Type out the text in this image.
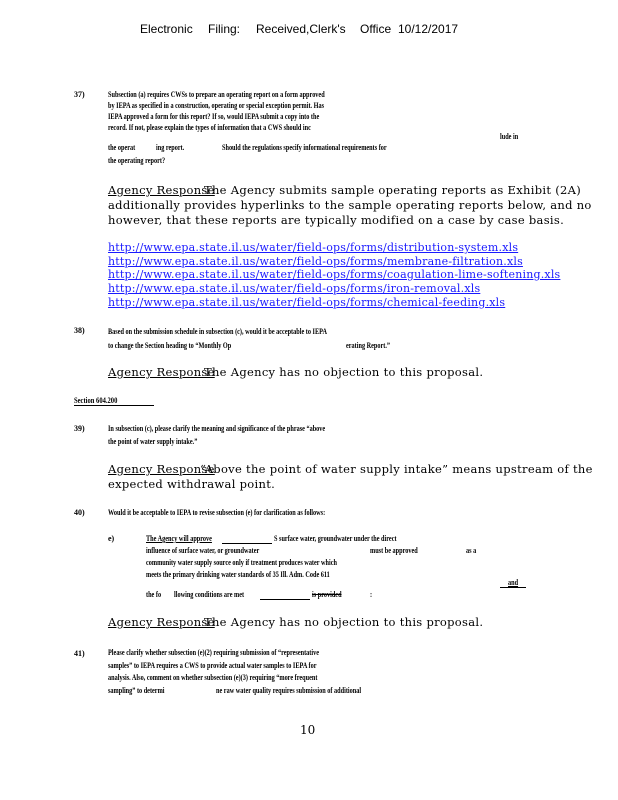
Electronic Filing: Received,Clerk's Office 10/12/2017
37)	Subsection (a) requires CWSs to prepare an operating report on a form approved
by IEPA as specified in a construction, operating or special exception permit. Has
IEPA approved a form for this report? If so, would IEPA submit a copy into the
record. If not, please explain the types of information that a CWS should inc
lude in
the operat	ing report.	Should the regulations specify informational requirements for
the operating report?
Agency Response
The Agency submits sample operating reports as Exhibit (2A)
additionally provides hyperlinks to the sample operating reports below, and no
however, that these reports are typically modified on a case by case basis.
http://www.epa.state.il.us/water/field-ops/forms/distribution-system.xls
http://www.epa.state.il.us/water/field-ops/forms/membrane-filtration.xls
http://www.epa.state.il.us/water/field-ops/forms/coagulation-lime-softening.xls
http://www.epa.state.il.us/water/field-ops/forms/iron-removal.xls
http://www.epa.state.il.us/water/field-ops/forms/chemical-feeding.xls
38)	Based on the submission schedule in subsection (c), would it be acceptable to IEPA
to change the Section heading to “Monthly Op	erating Report.”
Agency Response
The Agency has no objection to this proposal.
Section 604.200
39)	In subsection (c), please clarify the meaning and significance of the phrase “above
the point of water supply intake.”
Agency Response
“Above the point of water supply intake” means upstream of the
expected withdrawal point.
40)	Would it be acceptable to IEPA to revise subsection (e) for clarification as follows:
e)	The Agency will approve	S surface water, groundwater under the direct
influence of surface water, or groundwater	must be approved	as a
community water supply source only if treatment produces water which
meets the primary drinking water standards of 35 Ill. Adm. Code 611
and
the fo llowing conditions are met	is provided	:
Agency Response
The Agency has no objection to this proposal.
41)	Please clarify whether subsection (e)(2) requiring submission of “representative
samples” to IEPA requires a CWS to provide actual water samples to IEPA for
analysis. Also, comment on whether subsection (e)(3) requiring “more frequent
sampling” to determi	ne raw water quality requires submission of additional
10
